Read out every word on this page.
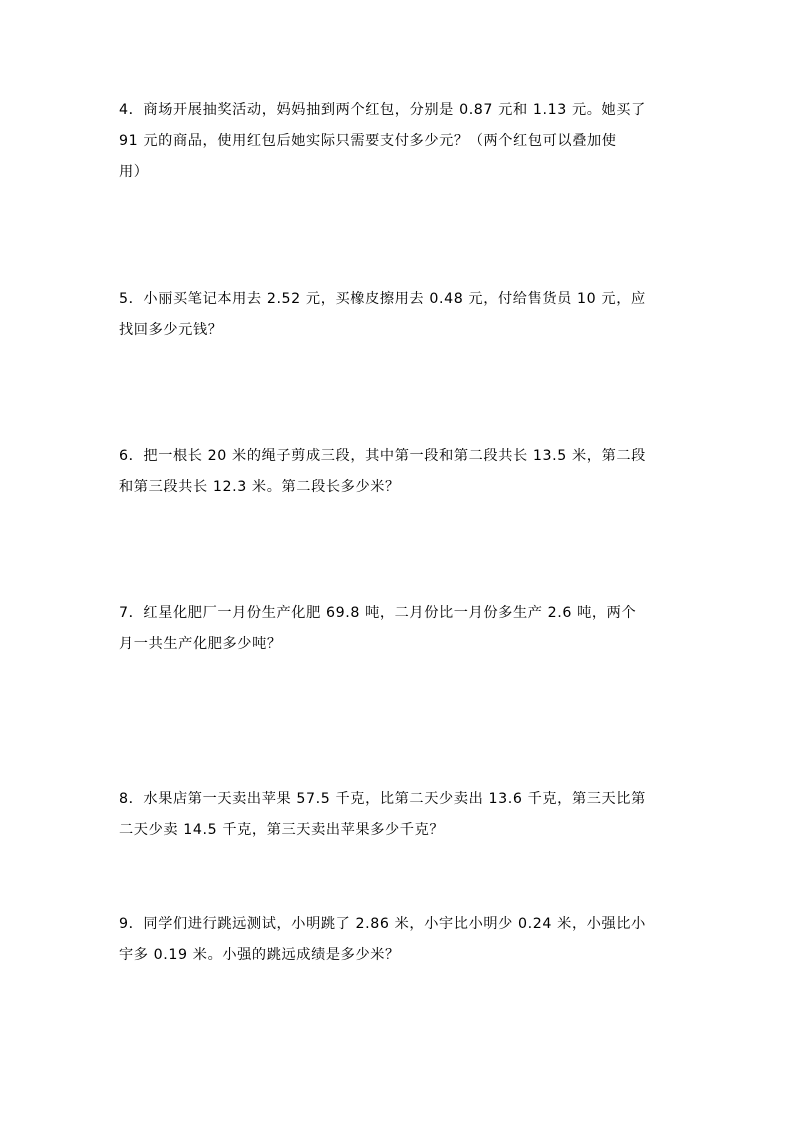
4．商场开展抽奖活动，妈妈抽到两个红包，分别是 0.87 元和 1.13 元。她买了
91 元的商品，使用红包后她实际只需要支付多少元？（两个红包可以叠加使
用）
5．小丽买笔记本用去 2.52 元，买橡皮擦用去 0.48 元，付给售货员 10 元，应
找回多少元钱？
6．把一根长 20 米的绳子剪成三段，其中第一段和第二段共长 13.5 米，第二段
和第三段共长 12.3 米。第二段长多少米？
7．红星化肥厂一月份生产化肥 69.8 吨，二月份比一月份多生产 2.6 吨，两个
月一共生产化肥多少吨？
8．水果店第一天卖出苹果 57.5 千克，比第二天少卖出 13.6 千克，第三天比第
二天少卖 14.5 千克，第三天卖出苹果多少千克？
9．同学们进行跳远测试，小明跳了 2.86 米，小宇比小明少 0.24 米，小强比小
宇多 0.19 米。小强的跳远成绩是多少米？
